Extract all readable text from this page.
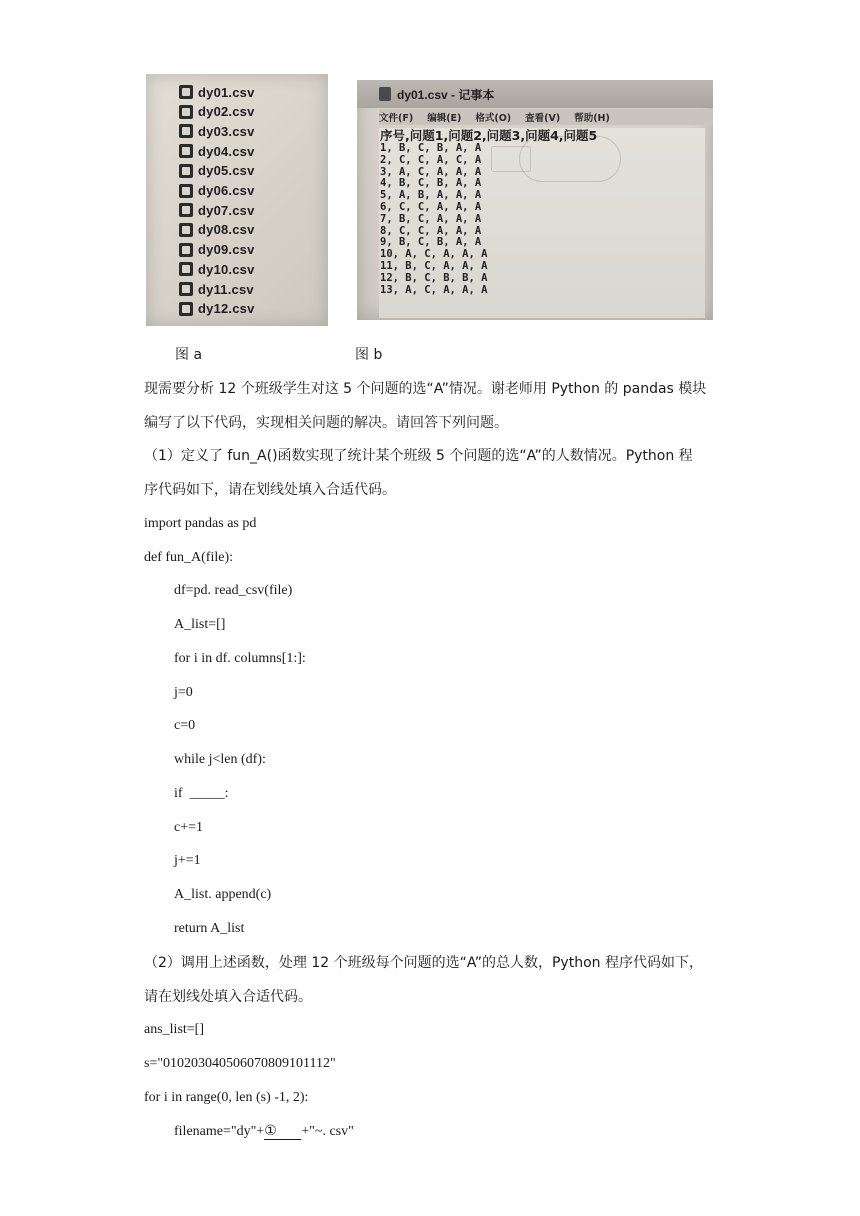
dy01.csv
dy02.csv
dy03.csv
dy04.csv
dy05.csv
dy06.csv
dy07.csv
dy08.csv
dy09.csv
dy10.csv
dy11.csv
dy12.csv
dy01.csv - 记事本
文件(F) 编辑(E) 格式(O) 查看(V) 帮助(H)
序号,问题1,问题2,问题3,问题4,问题5
1, B, C, B, A, A
2, C, C, A, C, A
3, A, C, A, A, A
4, B, C, B, A, A
5, A, B, A, A, A
6, C, C, A, A, A
7, B, C, A, A, A
8, C, C, A, A, A
9, B, C, B, A, A
10, A, C, A, A, A
11, B, C, A, A, A
12, B, C, B, B, A
13, A, C, A, A, A
图 a	图 b
现需要分析 12 个班级学生对这 5 个问题的选“A”情况。谢老师用 Python 的 pandas 模块
编写了以下代码，实现相关问题的解决。请回答下列问题。
（1）定义了 fun_A()函数实现了统计某个班级 5 个问题的选“A”的人数情况。Python 程
序代码如下，请在划线处填入合适代码。
import pandas as pd
def fun_A(file):
df=pd. read_csv(file)
A_list=[]
for i in df. columns[1:]:
j=0
c=0
while j<len (df):
if  _____:
c+=1
j+=1
A_list. append(c)
return A_list
（2）调用上述函数，处理 12 个班级每个问题的选“A”的总人数，Python 程序代码如下，
请在划线处填入合适代码。
ans_list=[]
s="010203040506070809101112"
for i in range(0, len (s) -1, 2):
filename="dy"+① +"~. csv"
